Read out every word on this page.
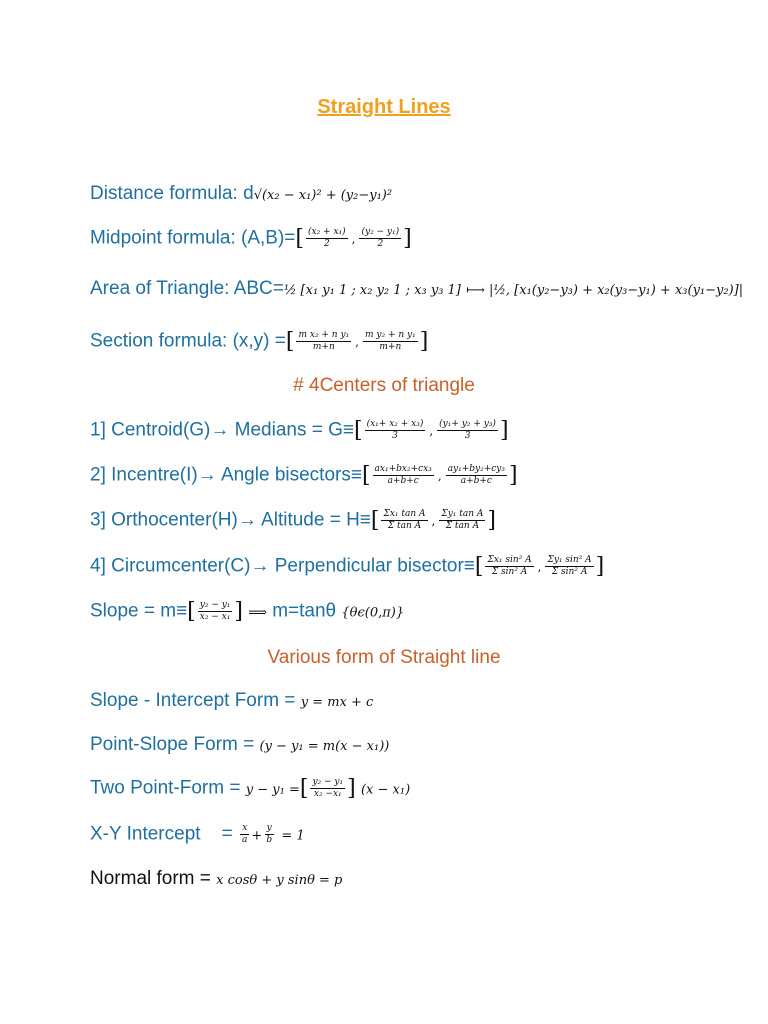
Straight Lines
Distance formula: d√(x₂ − x₁)² + (y₂−y₁)²
Midpoint formula: $(A,B)=[ \frac{\text{(x₂ + x₁)}}{2}$ , $\frac{\text{(y₂ − y₁)}}{2}$ ]
Area of Triangle: ABC=½ [x₁ y₁ 1 ; x₂ y₂ 1 ; x₃ y₃ 1] ⟼ |½, [x₁(y₂−y₃) + x₂(y₃−y₁) + x₃(y₁−y₂)]|
Section formula: (x,y) =[ $\frac{\text{m x₂ + n y₁}}{m+n}$ , $\frac{\text{m y₂ + n y₁}}{m+n}$ ]
# 4Centers of triangle
1] Centroid(G)→ Medians = $G\equiv[ \frac{\text{(x₁+ x₂ + x₃)}}{3}$ , $\frac{\text{(y₁+ y₂ + y₃)}}{3}$ ]
2] Incentre(I)→ Angle bisectors≡[ $\frac{\text{ax₁+bx₂+cx₃}}{a+b+c}$ , $\frac{\text{ay₁+by₂+cy₃}}{a+b+c}$ ]
3] Orthocenter(H)→ Altitude = $H\equiv[ \frac{\text{Σx₁ tan A}}{\text{Σ tan A}}$ , $\frac{\text{Σy₁ tan A}}{\text{Σ tan A}}$ ]
4] Circumcenter(C)→ Perpendicular bisector≡[ $\frac{\text{Σx₁ sin² A}}{\text{Σ sin² A}}$ , $\frac{\text{Σy₁ sin² A}}{\text{Σ sin² A}}$ ]
Slope = $m\equiv[ \frac{\text{y₂ − y₁}}{\text{x₂ − x₁}}$ ] ⟹ m=tanθ {θϵ(0,π)}
Various form of Straight line
Slope - Intercept Form = y = mx + c
Point-Slope Form = (y − y₁ = m(x − x₁))
Two Point-Form = y − y₁ =[ $\frac{\text{y₂ − y₁}}{\text{x₂ −x₁}}$ ] (x − x₁)
X-Y Intercept    = $\frac{x}{a} + \frac{y}{b} = 1$
Normal form = x cosθ + y sinθ = p
